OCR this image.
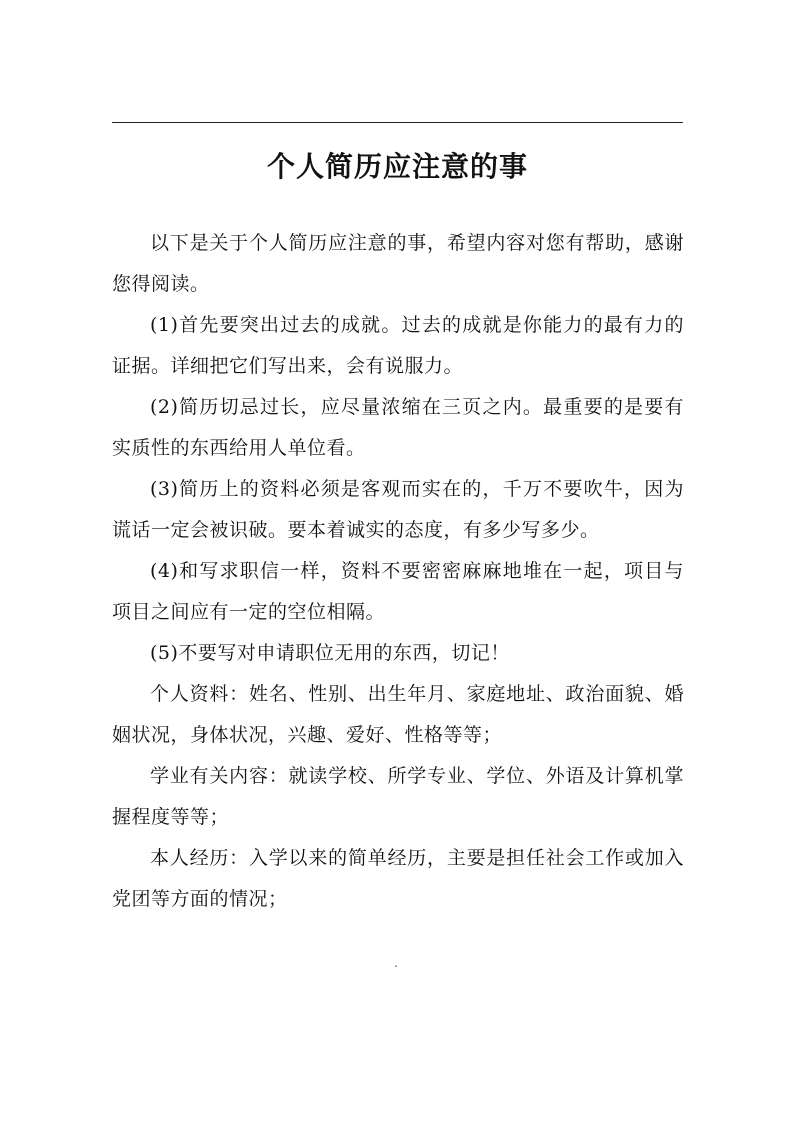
个人简历应注意的事

以下是关于个人简历应注意的事，希望内容对您有帮助，感谢您得阅读。

(1)首先要突出过去的成就。过去的成就是你能力的最有力的证据。详细把它们写出来，会有说服力。

(2)简历切忌过长，应尽量浓缩在三页之内。最重要的是要有实质性的东西给用人单位看。

(3)简历上的资料必须是客观而实在的，千万不要吹牛，因为谎话一定会被识破。要本着诚实的态度，有多少写多少。

(4)和写求职信一样，资料不要密密麻麻地堆在一起，项目与项目之间应有一定的空位相隔。

(5)不要写对申请职位无用的东西，切记！

个人资料：姓名、性别、出生年月、家庭地址、政治面貌、婚姻状况，身体状况，兴趣、爱好、性格等等；

学业有关内容：就读学校、所学专业、学位、外语及计算机掌握程度等等；

本人经历：入学以来的简单经历，主要是担任社会工作或加入党团等方面的情况；

.
